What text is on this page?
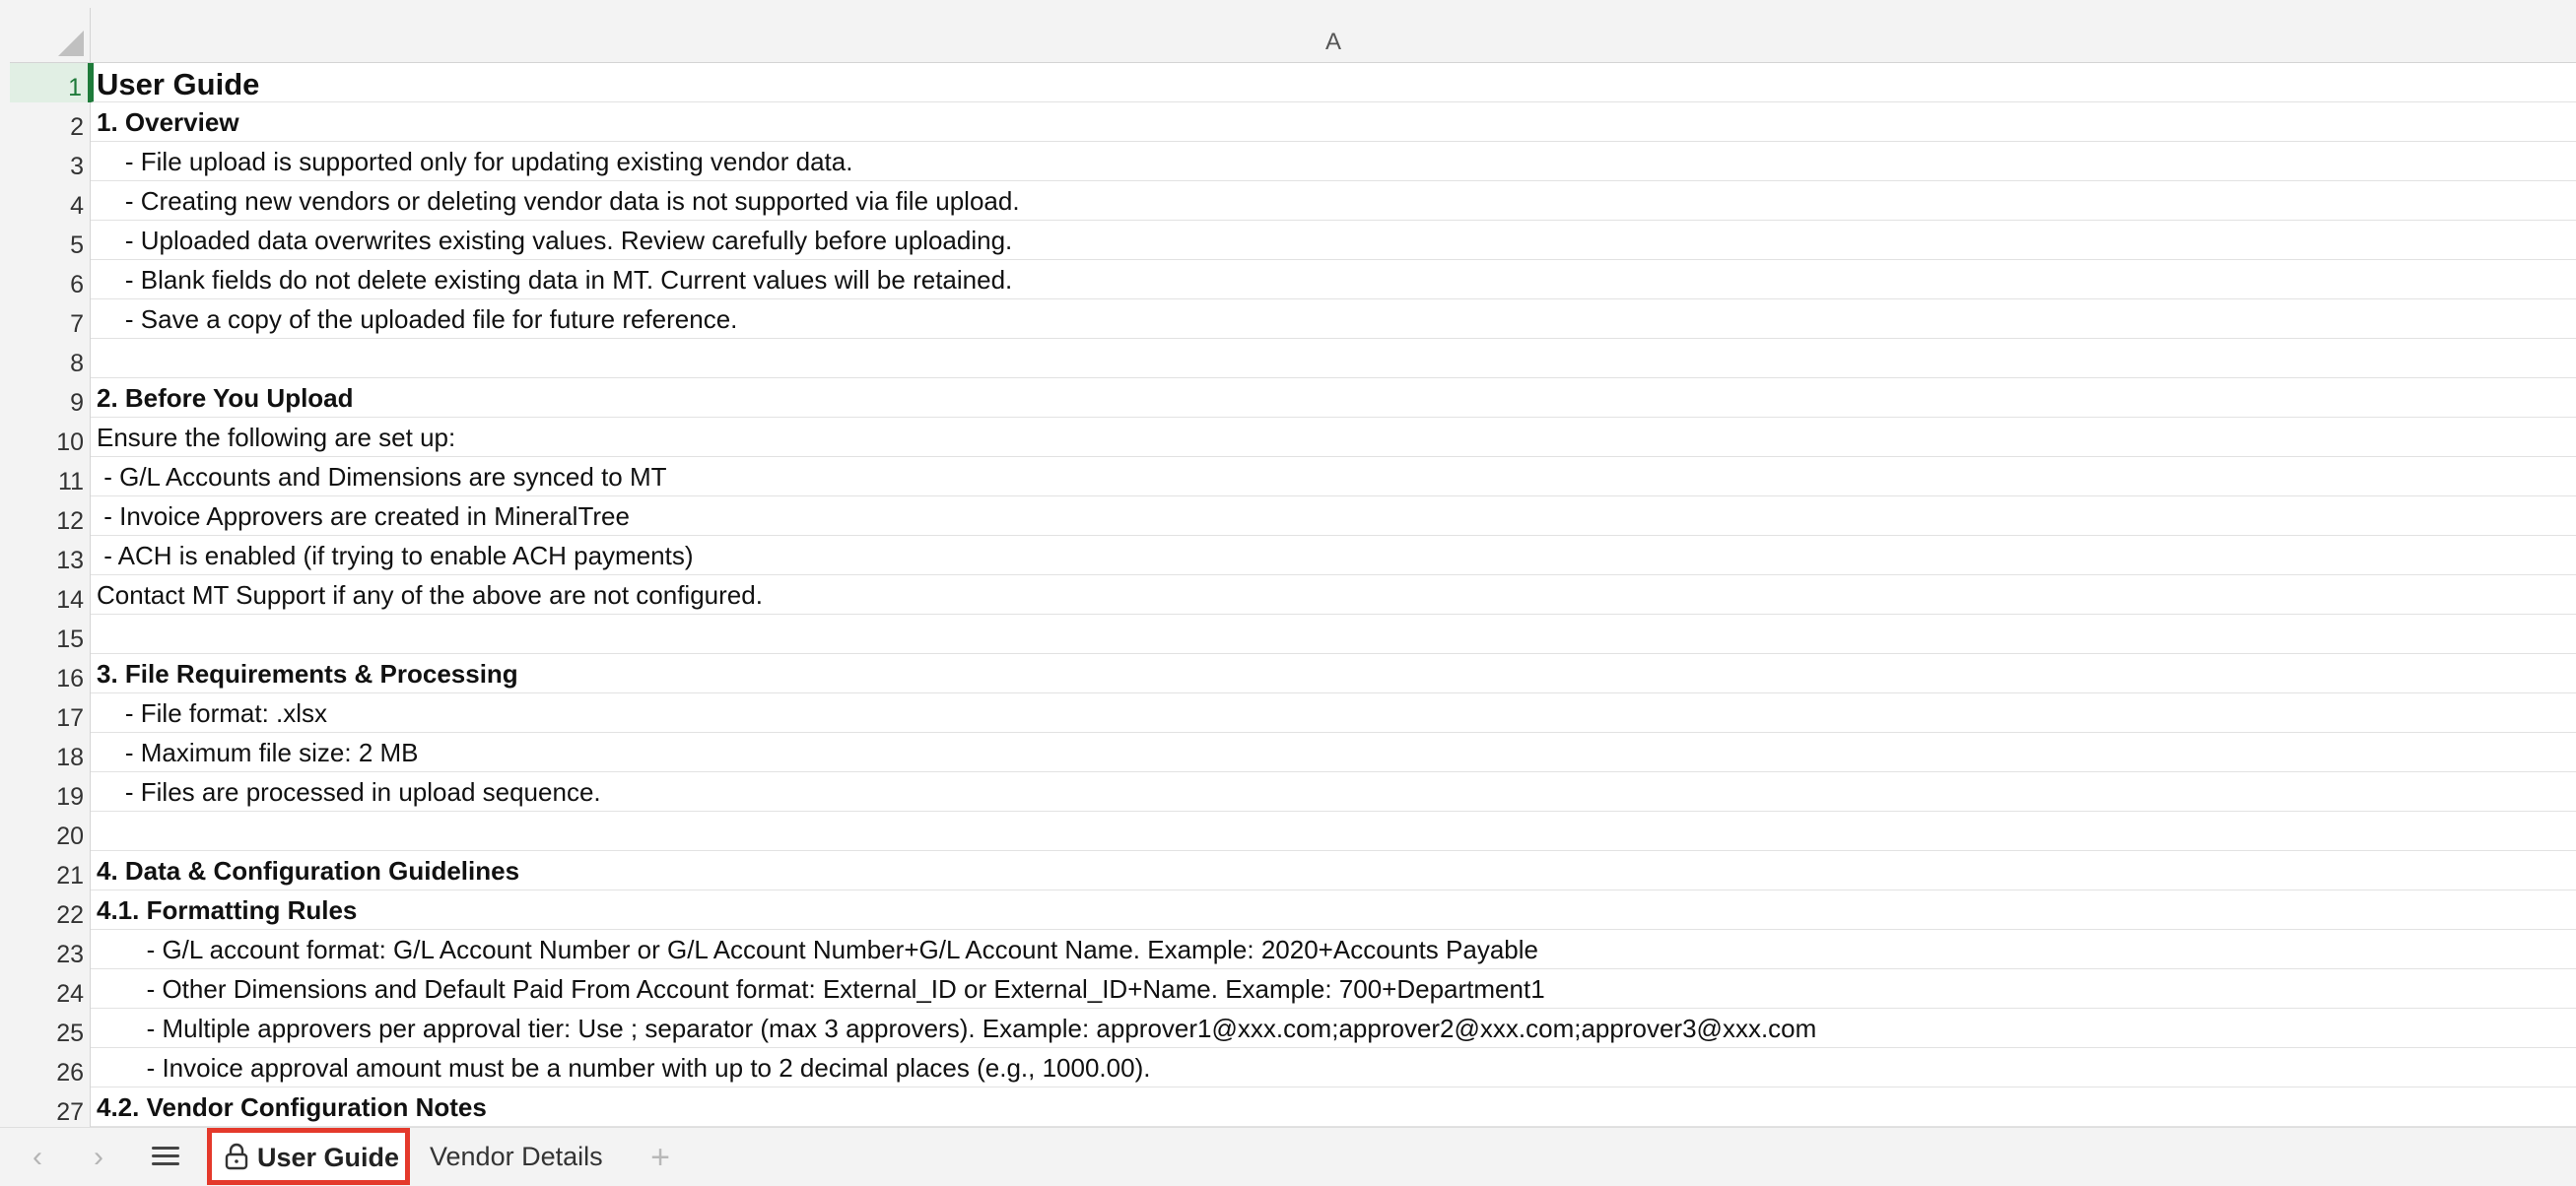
A
1
2
3
4
5
6
7
8
9
10
11
12
13
14
15
16
17
18
19
20
21
22
23
24
25
26
27
User Guide
1. Overview
- File upload is supported only for updating existing vendor data.
- Creating new vendors or deleting vendor data is not supported via file upload.
- Uploaded data overwrites existing values. Review carefully before uploading.
- Blank fields do not delete existing data in MT. Current values will be retained.
- Save a copy of the uploaded file for future reference.
2. Before You Upload
Ensure the following are set up:
- G/L Accounts and Dimensions are synced to MT
- Invoice Approvers are created in MineralTree
- ACH is enabled (if trying to enable ACH payments)
Contact MT Support if any of the above are not configured.
3. File Requirements & Processing
- File format: .xlsx
- Maximum file size: 2 MB
- Files are processed in upload sequence.
4. Data & Configuration Guidelines
4.1. Formatting Rules
- G/L account format: G/L Account Number or G/L Account Number+G/L Account Name. Example: 2020+Accounts Payable
- Other Dimensions and Default Paid From Account format: External_ID or External_ID+Name. Example: 700+Department1
- Multiple approvers per approval tier: Use ; separator (max 3 approvers). Example: approver1@xxx.com;approver2@xxx.com;approver3@xxx.com
- Invoice approval amount must be a number with up to 2 decimal places (e.g., 1000.00).
4.2. Vendor Configuration Notes
‹	›	User Guide Vendor Details +
